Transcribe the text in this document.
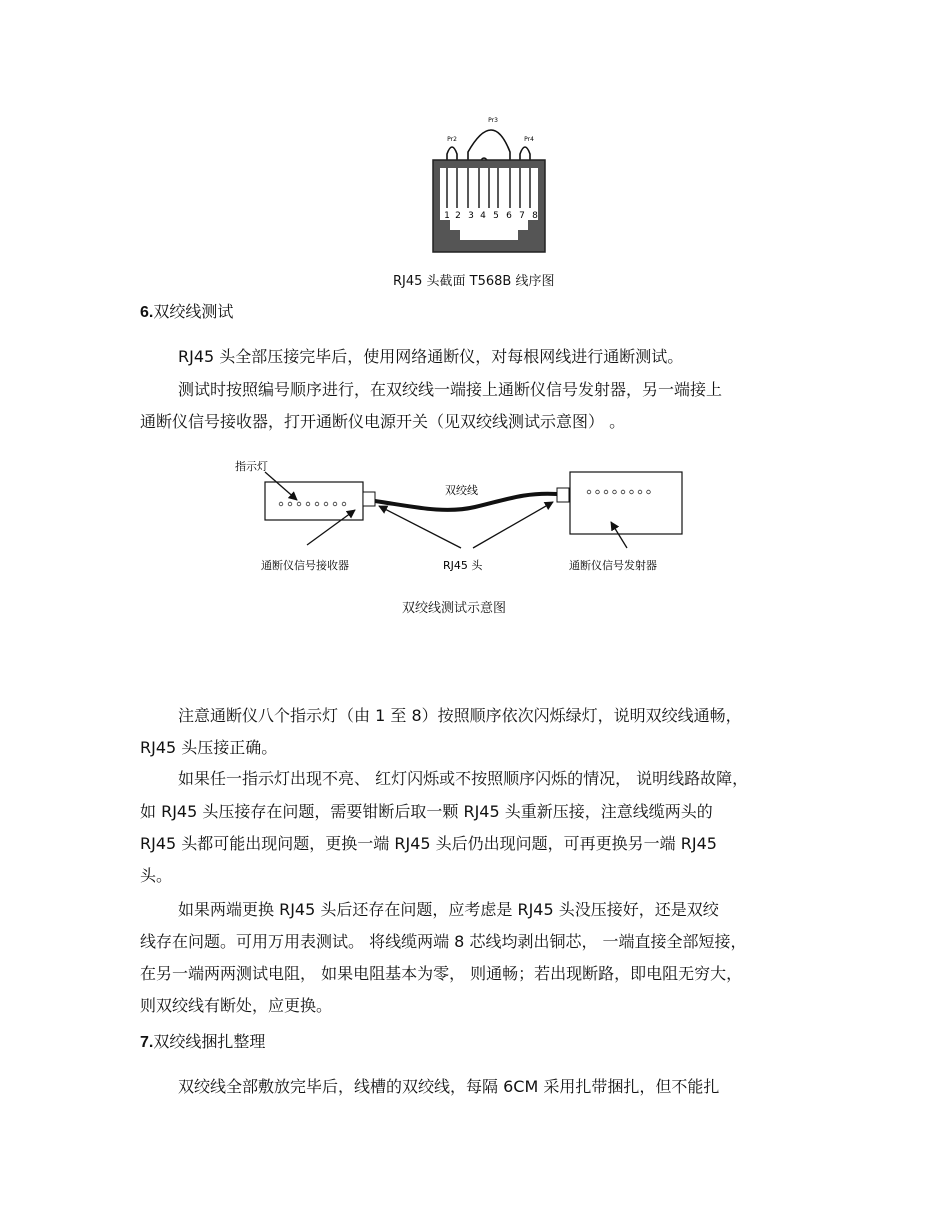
Pr2
Pr3
Pr4
1 2 3 4 5 6 7 8
RJ45 头截面 T568B 线序图
6.双绞线测试
RJ45 头全部压接完毕后，使用网络通断仪，对每根网线进行通断测试。
测试时按照编号顺序进行，在双绞线一端接上通断仪信号发射器，另一端接上
通断仪信号接收器，打开通断仪电源开关（见双绞线测试示意图） 。
指示灯
双绞线
通断仪信号接收器	RJ45 头	通断仪信号发射器
双绞线测试示意图
注意通断仪八个指示灯（由 1 至 8）按照顺序依次闪烁绿灯，说明双绞线通畅，
RJ45 头压接正确。
如果任一指示灯出现不亮、 红灯闪烁或不按照顺序闪烁的情况， 说明线路故障，
如 RJ45 头压接存在问题，需要钳断后取一颗 RJ45 头重新压接，注意线缆两头的
RJ45 头都可能出现问题，更换一端 RJ45 头后仍出现问题，可再更换另一端 RJ45
头。
如果两端更换 RJ45 头后还存在问题，应考虑是 RJ45 头没压接好，还是双绞
线存在问题。可用万用表测试。 将线缆两端 8 芯线均剥出铜芯， 一端直接全部短接，
在另一端两两测试电阻， 如果电阻基本为零， 则通畅；若出现断路，即电阻无穷大，
则双绞线有断处，应更换。
7.双绞线捆扎整理
双绞线全部敷放完毕后，线槽的双绞线，每隔 6CM 采用扎带捆扎，但不能扎
